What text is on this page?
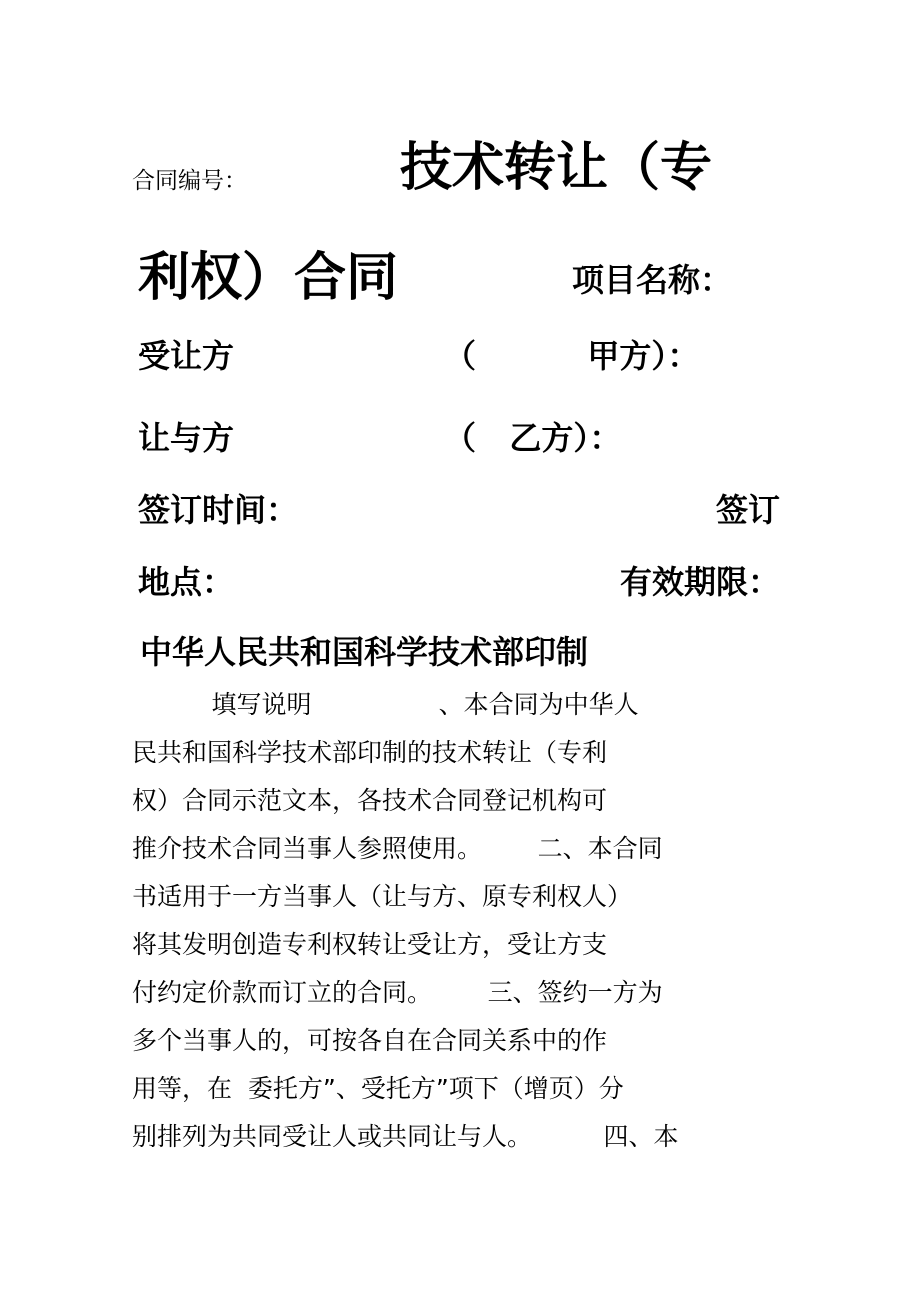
合同编号：	技术转让（专
利权）合同	项目名称：
受让方	（          甲方）：
让与方	（   乙方）：
签订时间：	签订
地点：	有效期限：
中华人民共和国科学技术部印制
填写说明                、本合同为中华人
民共和国科学技术部印制的技术转让（专利
权）合同示范文本，各技术合同登记机构可
推介技术合同当事人参照使用。       二、本合同
书适用于一方当事人（让与方、原专利权人）
将其发明创造专利权转让受让方，受让方支
付约定价款而订立的合同。       三、签约一方为
多个当事人的，可按各自在合同关系中的作
用等，在  委托方”、受托方”项下（增页）分
别排列为共同受让人或共同让与人。         四、本
